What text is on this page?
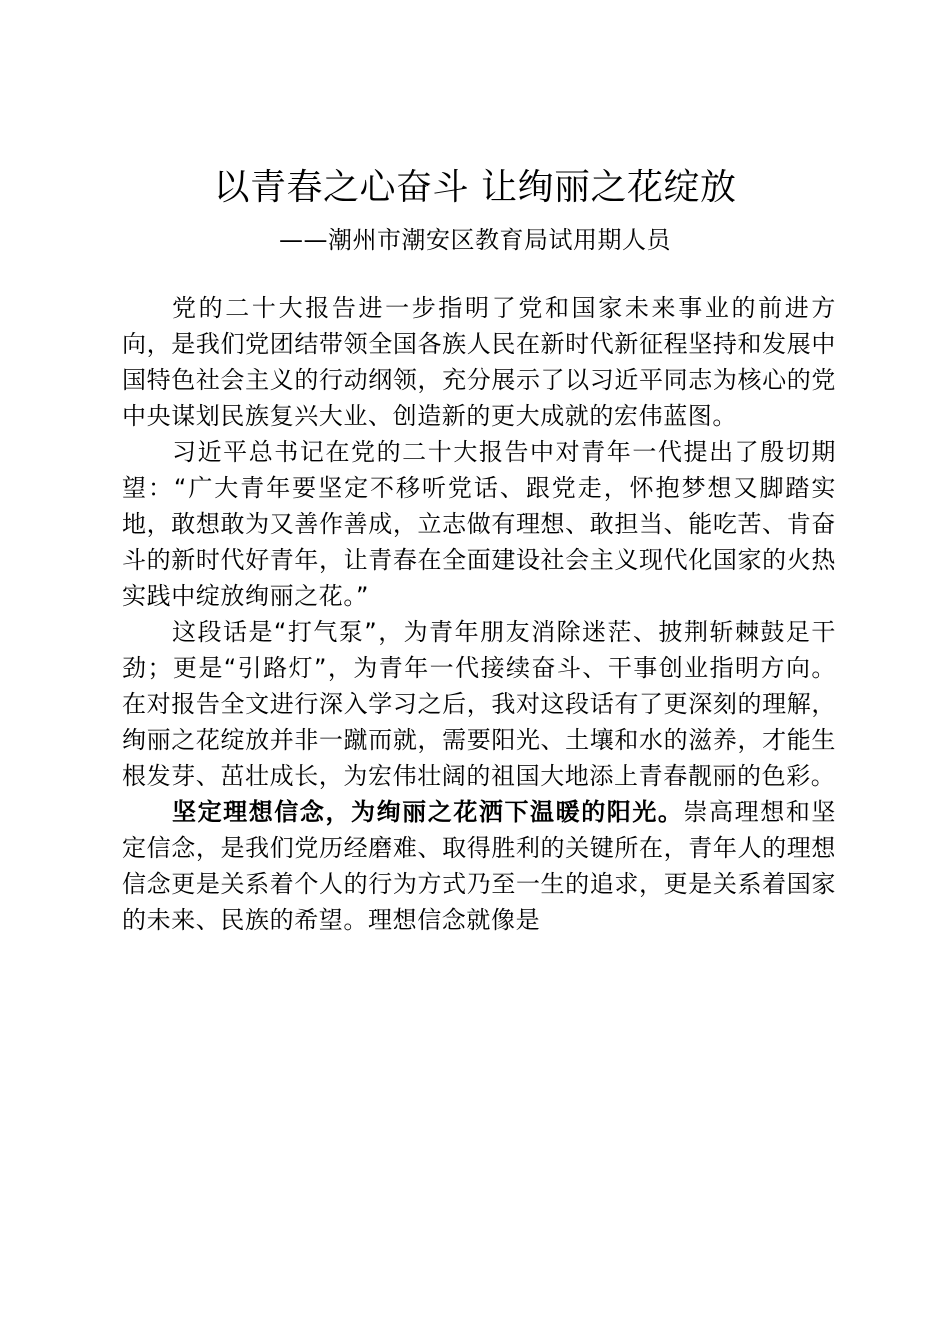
以青春之心奋斗 让绚丽之花绽放
——潮州市潮安区教育局试用期人员

党的二十大报告进一步指明了党和国家未来事业的前进方向，是我们党团结带领全国各族人民在新时代新征程坚持和发展中国特色社会主义的行动纲领，充分展示了以习近平同志为核心的党中央谋划民族复兴大业、创造新的更大成就的宏伟蓝图。

习近平总书记在党的二十大报告中对青年一代提出了殷切期望：“广大青年要坚定不移听党话、跟党走，怀抱梦想又脚踏实地，敢想敢为又善作善成，立志做有理想、敢担当、能吃苦、肯奋斗的新时代好青年，让青春在全面建设社会主义现代化国家的火热实践中绽放绚丽之花。”

这段话是“打气泵”，为青年朋友消除迷茫、披荆斩棘鼓足干劲；更是“引路灯”，为青年一代接续奋斗、干事创业指明方向。在对报告全文进行深入学习之后，我对这段话有了更深刻的理解，绚丽之花绽放并非一蹴而就，需要阳光、土壤和水的滋养，才能生根发芽、茁壮成长，为宏伟壮阔的祖国大地添上青春靓丽的色彩。

坚定理想信念，为绚丽之花洒下温暖的阳光。崇高理想和坚定信念，是我们党历经磨难、取得胜利的关键所在，青年人的理想信念更是关系着个人的行为方式乃至一生的追求，更是关系着国家的未来、民族的希望。理想信念就像是
